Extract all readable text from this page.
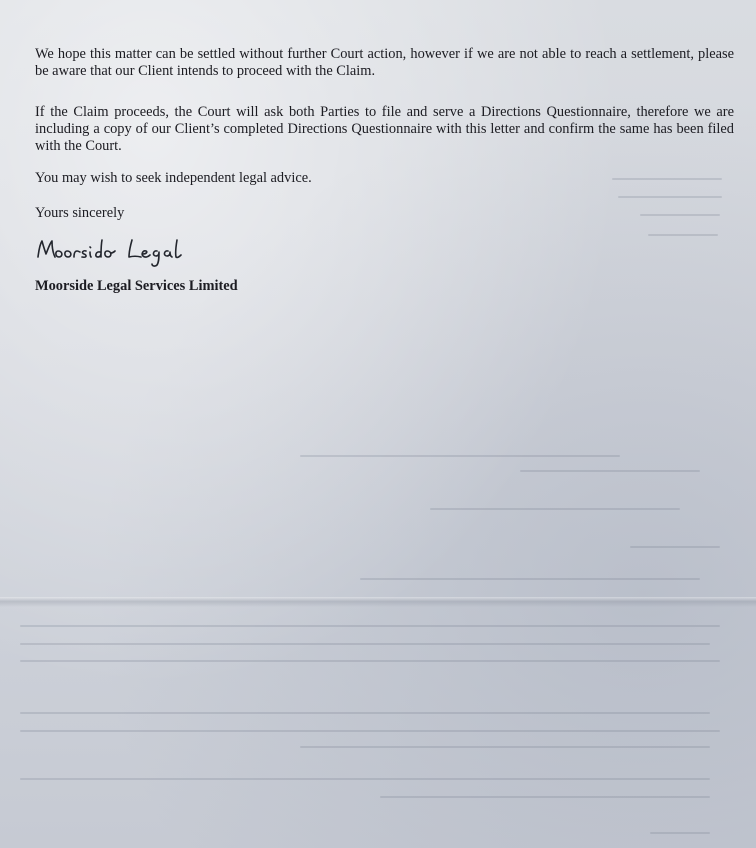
We hope this matter can be settled without further Court action, however if we are not able to reach a settlement, please be aware that our Client intends to proceed with the Claim.

If the Claim proceeds, the Court will ask both Parties to file and serve a Directions Questionnaire, therefore we are including a copy of our Client’s completed Directions Questionnaire with this letter and confirm the same has been filed with the Court.

You may wish to seek independent legal advice.

Yours sincerely

Moorside Legal Services Limited
